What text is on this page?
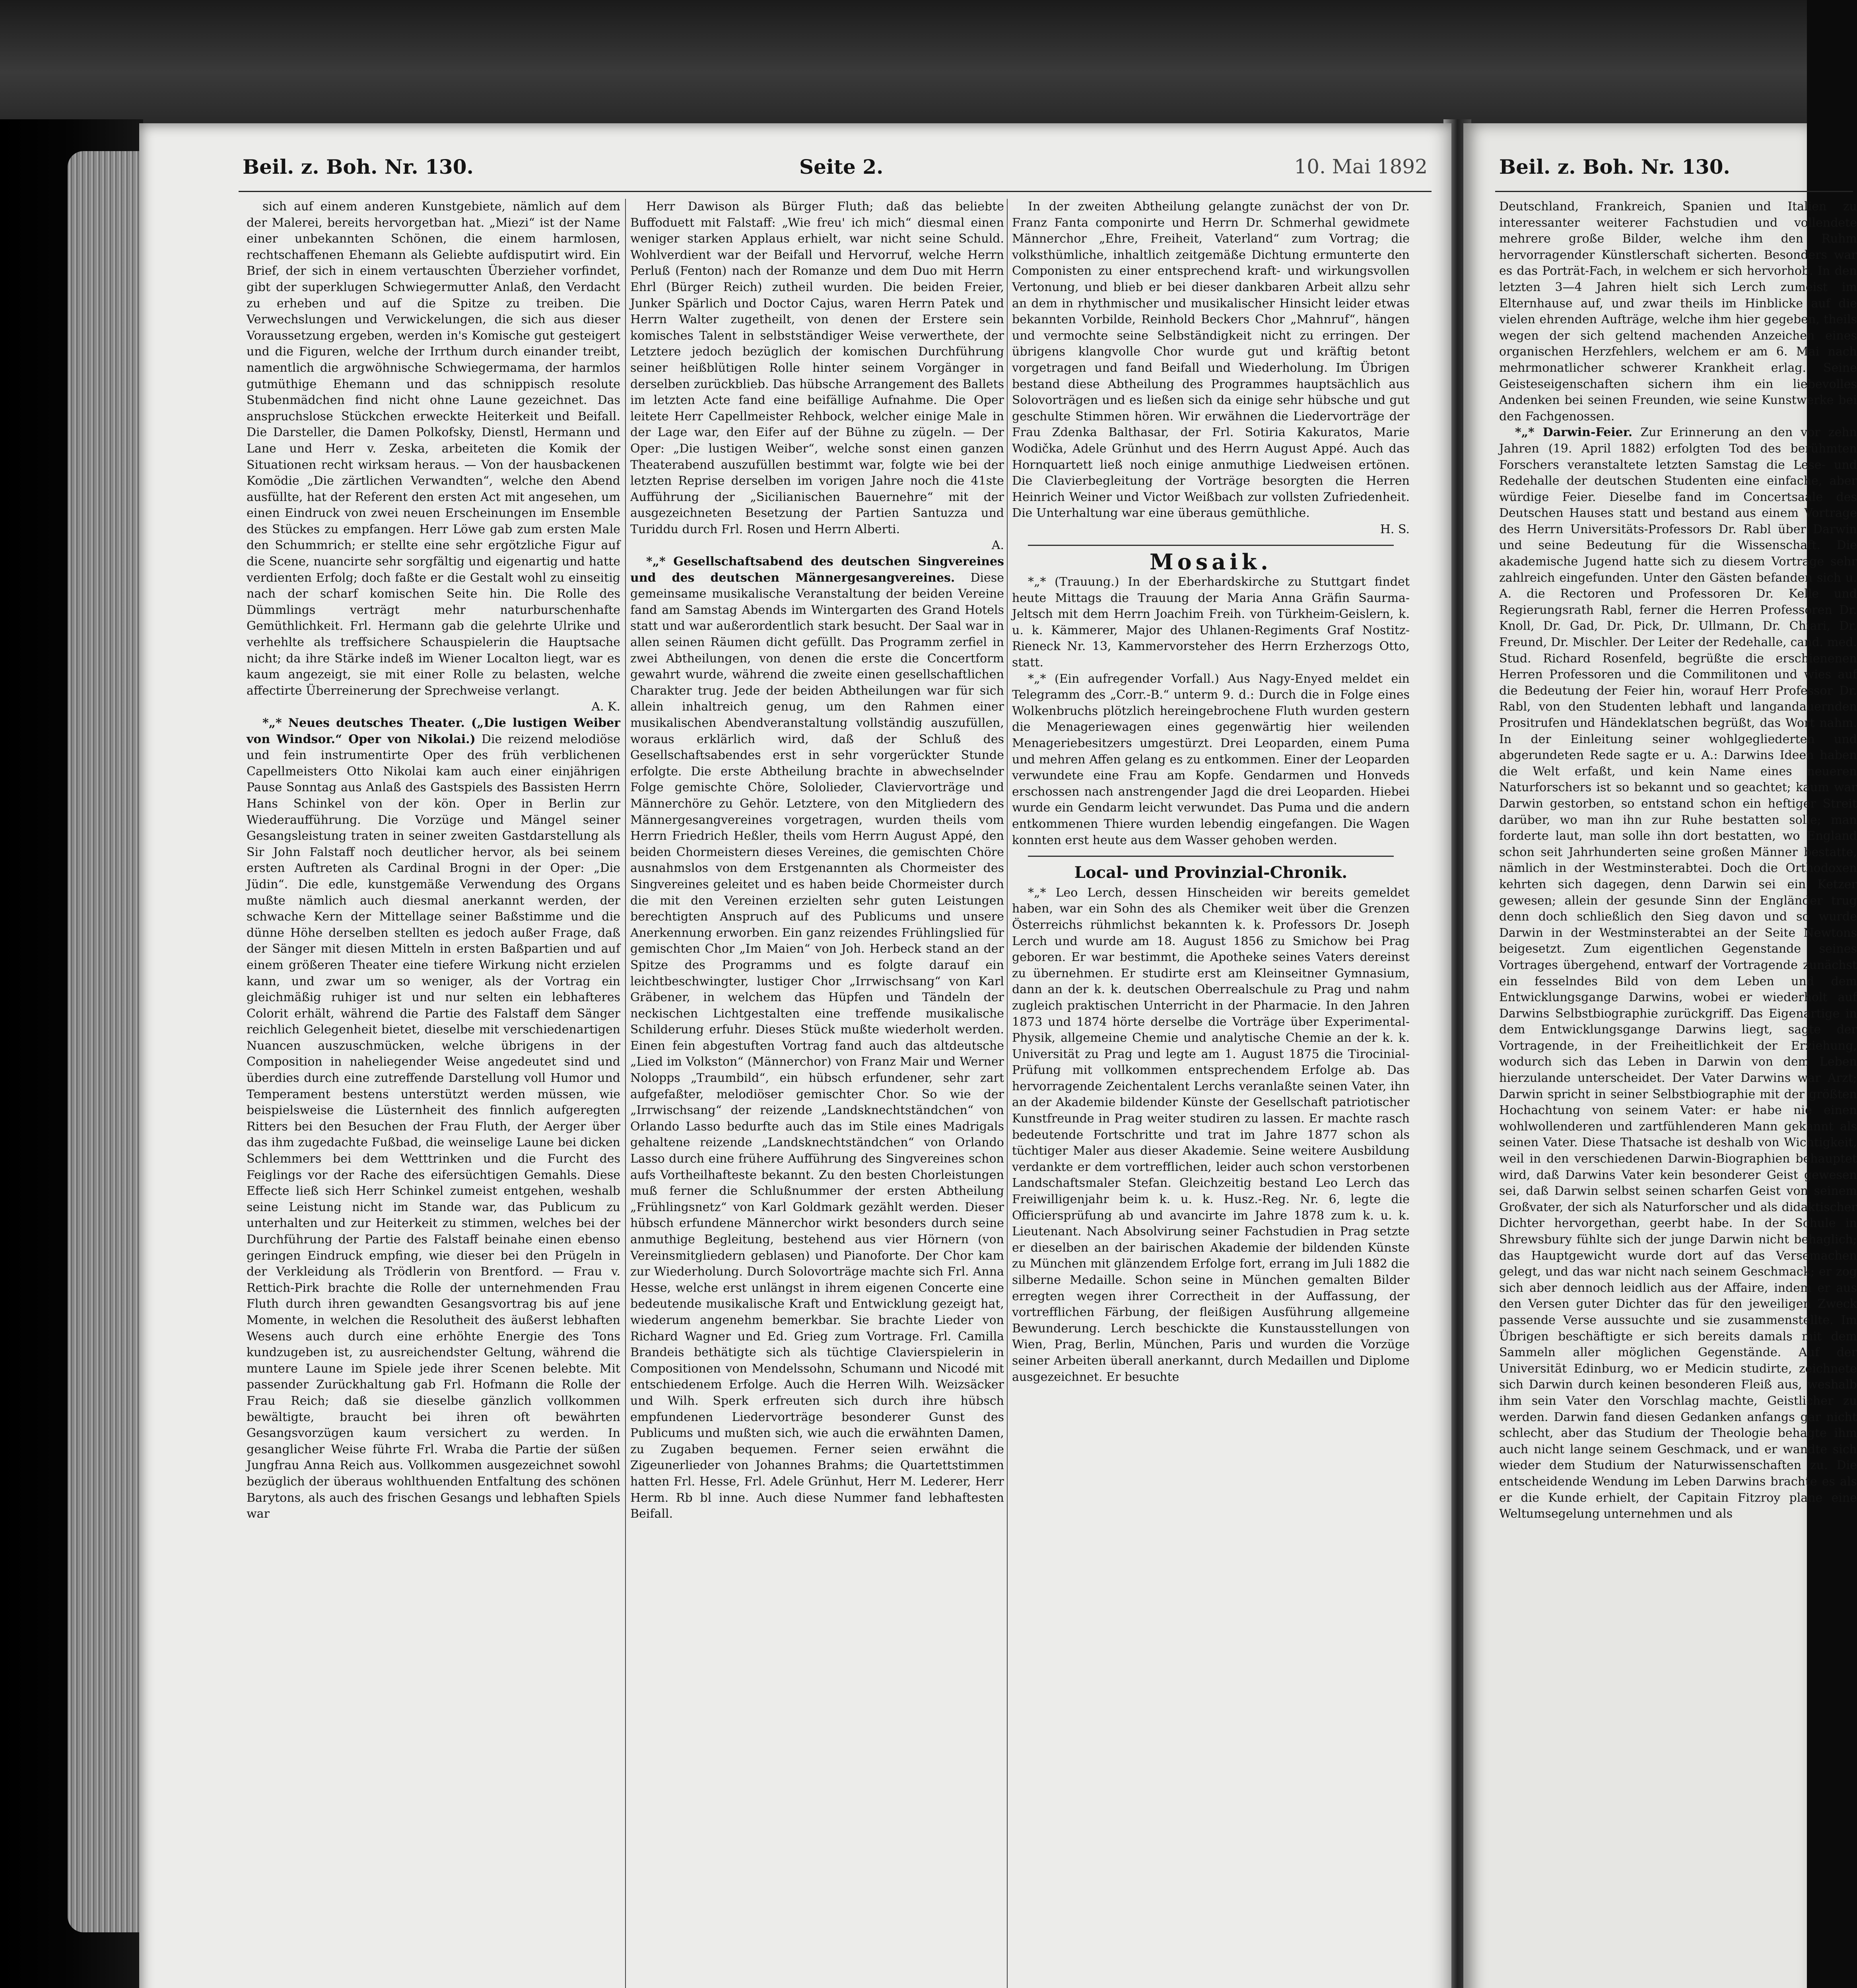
Beil. z. Boh. Nr. 130.	Seite 2.	10. Mai 1892

sich auf einem anderen Kunstgebiete, nämlich auf dem der Malerei, bereits hervorgetban hat. „Miezi“ ist der Name einer unbekannten Schönen, die einem harmlosen, rechtschaffenen Ehemann als Geliebte aufdisputirt wird. Ein Brief, der sich in einem vertauschten Überzieher vorfindet, gibt der superklugen Schwiegermutter Anlaß, den Verdacht zu erheben und auf die Spitze zu treiben. Die Verwechslungen und Verwickelungen, die sich aus dieser Voraussetzung ergeben, werden in's Komische gut gesteigert und die Figuren, welche der Irrthum durch einander treibt, namentlich die argwöhnische Schwiegermama, der harmlos gutmüthige Ehemann und das schnippisch resolute Stubenmädchen find nicht ohne Laune gezeichnet. Das anspruchslose Stückchen erweckte Heiterkeit und Beifall. Die Darsteller, die Damen Polkofsky, Dienstl, Hermann und Lane und Herr v. Zeska, arbeiteten die Komik der Situationen recht wirksam heraus. — Von der hausbackenen Komödie „Die zärtlichen Verwandten“, welche den Abend ausfüllte, hat der Referent den ersten Act mit angesehen, um einen Eindruck von zwei neuen Erscheinungen im Ensemble des Stückes zu empfangen. Herr Löwe gab zum ersten Male den Schummrich; er stellte eine sehr ergötzliche Figur auf die Scene, nuancirte sehr sorgfältig und eigenartig und hatte verdienten Erfolg; doch faßte er die Gestalt wohl zu einseitig nach der scharf komischen Seite hin. Die Rolle des Dümmlings verträgt mehr naturburschenhafte Gemüthlichkeit. Frl. Hermann gab die gelehrte Ulrike und verhehlte als treffsichere Schauspielerin die Hauptsache nicht; da ihre Stärke indeß im Wiener Localton liegt, war es kaum angezeigt, sie mit einer Rolle zu belasten, welche affectirte Überreinerung der Sprechweise verlangt.

A. K.

*„* Neues deutsches Theater. („Die lustigen Weiber von Windsor.“ Oper von Nikolai.) Die reizend melodiöse und fein instrumentirte Oper des früh verblichenen Capellmeisters Otto Nikolai kam auch einer einjährigen Pause Sonntag aus Anlaß des Gastspiels des Bassisten Herrn Hans Schinkel von der kön. Oper in Berlin zur Wiederaufführung. Die Vorzüge und Mängel seiner Gesangsleistung traten in seiner zweiten Gastdarstellung als Sir John Falstaff noch deutlicher hervor, als bei seinem ersten Auftreten als Cardinal Brogni in der Oper: „Die Jüdin“. Die edle, kunstgemäße Verwendung des Organs mußte nämlich auch diesmal anerkannt werden, der schwache Kern der Mittellage seiner Baßstimme und die dünne Höhe derselben stellten es jedoch außer Frage, daß der Sänger mit diesen Mitteln in ersten Baßpartien und auf einem größeren Theater eine tiefere Wirkung nicht erzielen kann, und zwar um so weniger, als der Vortrag ein gleichmäßig ruhiger ist und nur selten ein lebhafteres Colorit erhält, während die Partie des Falstaff dem Sänger reichlich Gelegenheit bietet, dieselbe mit verschiedenartigen Nuancen auszuschmücken, welche übrigens in der Composition in naheliegender Weise angedeutet sind und überdies durch eine zutreffende Darstellung voll Humor und Temperament bestens unterstützt werden müssen, wie beispielsweise die Lüsternheit des finnlich aufgeregten Ritters bei den Besuchen der Frau Fluth, der Aerger über das ihm zugedachte Fußbad, die weinselige Laune bei dicken Schlemmers bei dem Wetttrinken und die Furcht des Feiglings vor der Rache des eifersüchtigen Gemahls. Diese Effecte ließ sich Herr Schinkel zumeist entgehen, weshalb seine Leistung nicht im Stande war, das Publicum zu unterhalten und zur Heiterkeit zu stimmen, welches bei der Durchführung der Partie des Falstaff beinahe einen ebenso geringen Eindruck empfing, wie dieser bei den Prügeln in der Verkleidung als Trödlerin von Brentford. — Frau v. Rettich-Pirk brachte die Rolle der unternehmenden Frau Fluth durch ihren gewandten Gesangsvortrag bis auf jene Momente, in welchen die Resolutheit des äußerst lebhaften Wesens auch durch eine erhöhte Energie des Tons kundzugeben ist, zu ausreichendster Geltung, während die muntere Laune im Spiele jede ihrer Scenen belebte. Mit passender Zurückhaltung gab Frl. Hofmann die Rolle der Frau Reich; daß sie dieselbe gänzlich vollkommen bewältigte, braucht bei ihren oft bewährten Gesangsvorzügen kaum versichert zu werden. In gesanglicher Weise führte Frl. Wraba die Partie der süßen Jungfrau Anna Reich aus. Vollkommen ausgezeichnet sowohl bezüglich der überaus wohlthuenden Entfaltung des schönen Barytons, als auch des frischen Gesangs und lebhaften Spiels war

Herr Dawison als Bürger Fluth; daß das beliebte Buffoduett mit Falstaff: „Wie freu' ich mich“ diesmal einen weniger starken Applaus erhielt, war nicht seine Schuld. Wohlverdient war der Beifall und Hervorruf, welche Herrn Perluß (Fenton) nach der Romanze und dem Duo mit Herrn Ehrl (Bürger Reich) zutheil wurden. Die beiden Freier, Junker Spärlich und Doctor Cajus, waren Herrn Patek und Herrn Walter zugetheilt, von denen der Erstere sein komisches Talent in selbstständiger Weise verwerthete, der Letztere jedoch bezüglich der komischen Durchführung seiner heißblütigen Rolle hinter seinem Vorgänger in derselben zurückblieb. Das hübsche Arrangement des Ballets im letzten Acte fand eine beifällige Aufnahme. Die Oper leitete Herr Capellmeister Rehbock, welcher einige Male in der Lage war, den Eifer auf der Bühne zu zügeln. — Der Oper: „Die lustigen Weiber“, welche sonst einen ganzen Theaterabend auszufüllen bestimmt war, folgte wie bei der letzten Reprise derselben im vorigen Jahre noch die 41ste Aufführung der „Sicilianischen Bauernehre“ mit der ausgezeichneten Besetzung der Partien Santuzza und Turiddu durch Frl. Rosen und Herrn Alberti.

A.

*„* Gesellschaftsabend des deutschen Singvereines und des deutschen Männergesangvereines. Diese gemeinsame musikalische Veranstaltung der beiden Vereine fand am Samstag Abends im Wintergarten des Grand Hotels statt und war außerordentlich stark besucht. Der Saal war in allen seinen Räumen dicht gefüllt. Das Programm zerfiel in zwei Abtheilungen, von denen die erste die Concertform gewahrt wurde, während die zweite einen gesellschaftlichen Charakter trug. Jede der beiden Abtheilungen war für sich allein inhaltreich genug, um den Rahmen einer musikalischen Abendveranstaltung vollständig auszufüllen, woraus erklärlich wird, daß der Schluß des Gesellschaftsabendes erst in sehr vorgerückter Stunde erfolgte. Die erste Abtheilung brachte in abwechselnder Folge gemischte Chöre, Sololieder, Claviervorträge und Männerchöre zu Gehör. Letztere, von den Mitgliedern des Männergesangvereines vorgetragen, wurden theils vom Herrn Friedrich Heßler, theils vom Herrn August Appé, den beiden Chormeistern dieses Vereines, die gemischten Chöre ausnahmslos von dem Erstgenannten als Chormeister des Singvereines geleitet und es haben beide Chormeister durch die mit den Vereinen erzielten sehr guten Leistungen berechtigten Anspruch auf des Publicums und unsere Anerkennung erworben. Ein ganz reizendes Frühlingslied für gemischten Chor „Im Maien“ von Joh. Herbeck stand an der Spitze des Programms und es folgte darauf ein leichtbeschwingter, lustiger Chor „Irrwischsang“ von Karl Gräbener, in welchem das Hüpfen und Tändeln der neckischen Lichtgestalten eine treffende musikalische Schilderung erfuhr. Dieses Stück mußte wiederholt werden. Einen fein abgestuften Vortrag fand auch das altdeutsche „Lied im Volkston“ (Männerchor) von Franz Mair und Werner Nolopps „Traumbild“, ein hübsch erfundener, sehr zart aufgefaßter, melodiöser gemischter Chor. So wie der „Irrwischsang“ der reizende „Landsknechtständchen“ von Orlando Lasso bedurfte auch das im Stile eines Madrigals gehaltene reizende „Landsknechtständchen“ von Orlando Lasso durch eine frühere Aufführung des Singvereines schon aufs Vortheilhafteste bekannt. Zu den besten Chorleistungen muß ferner die Schlußnummer der ersten Abtheilung „Frühlingsnetz“ von Karl Goldmark gezählt werden. Dieser hübsch erfundene Männerchor wirkt besonders durch seine anmuthige Begleitung, bestehend aus vier Hörnern (von Vereinsmitgliedern geblasen) und Pianoforte. Der Chor kam zur Wiederholung. Durch Solovorträge machte sich Frl. Anna Hesse, welche erst unlängst in ihrem eigenen Concerte eine bedeutende musikalische Kraft und Entwicklung gezeigt hat, wiederum angenehm bemerkbar. Sie brachte Lieder von Richard Wagner und Ed. Grieg zum Vortrage. Frl. Camilla Brandeis bethätigte sich als tüchtige Clavierspielerin in Compositionen von Mendelssohn, Schumann und Nicodé mit entschiedenem Erfolge. Auch die Herren Wilh. Weizsäcker und Wilh. Sperk erfreuten sich durch ihre hübsch empfundenen Liedervorträge besonderer Gunst des Publicums und mußten sich, wie auch die erwähnten Damen, zu Zugaben bequemen. Ferner seien erwähnt die Zigeunerlieder von Johannes Brahms; die Quartettstimmen hatten Frl. Hesse, Frl. Adele Grünhut, Herr M. Lederer, Herr Herm. Rb bl inne. Auch diese Nummer fand lebhaftesten Beifall.

In der zweiten Abtheilung gelangte zunächst der von Dr. Franz Fanta componirte und Herrn Dr. Schmerhal gewidmete Männerchor „Ehre, Freiheit, Vaterland“ zum Vortrag; die volksthümliche, inhaltlich zeitgemäße Dichtung ermunterte den Componisten zu einer entsprechend kraft- und wirkungsvollen Vertonung, und blieb er bei dieser dankbaren Arbeit allzu sehr an dem in rhythmischer und musikalischer Hinsicht leider etwas bekannten Vorbilde, Reinhold Beckers Chor „Mahnruf“, hängen und vermochte seine Selbständigkeit nicht zu erringen. Der übrigens klangvolle Chor wurde gut und kräftig betont vorgetragen und fand Beifall und Wiederholung. Im Übrigen bestand diese Abtheilung des Programmes hauptsächlich aus Solovorträgen und es ließen sich da einige sehr hübsche und gut geschulte Stimmen hören. Wir erwähnen die Liedervorträge der Frau Zdenka Balthasar, der Frl. Sotiria Kakuratos, Marie Wodička, Adele Grünhut und des Herrn August Appé. Auch das Hornquartett ließ noch einige anmuthige Liedweisen ertönen. Die Clavierbegleitung der Vorträge besorgten die Herren Heinrich Weiner und Victor Weißbach zur vollsten Zufriedenheit. Die Unterhaltung war eine überaus gemüthliche.

H. S.
Mosaik.

*„* (Trauung.) In der Eberhardskirche zu Stuttgart findet heute Mittags die Trauung der Maria Anna Gräfin Saurma-Jeltsch mit dem Herrn Joachim Freih. von Türkheim-Geislern, k. u. k. Kämmerer, Major des Uhlanen-Regiments Graf Nostitz-Rieneck Nr. 13, Kammervorsteher des Herrn Erzherzogs Otto, statt.

*„* (Ein aufregender Vorfall.) Aus Nagy-Enyed meldet ein Telegramm des „Corr.-B.“ unterm 9. d.: Durch die in Folge eines Wolkenbruchs plötzlich hereingebrochene Fluth wurden gestern die Menageriewagen eines gegenwärtig hier weilenden Menageriebesitzers umgestürzt. Drei Leoparden, einem Puma und mehren Affen gelang es zu entkommen. Einer der Leoparden verwundete eine Frau am Kopfe. Gendarmen und Honveds erschossen nach anstrengender Jagd die drei Leoparden. Hiebei wurde ein Gendarm leicht verwundet. Das Puma und die andern entkommenen Thiere wurden lebendig eingefangen. Die Wagen konnten erst heute aus dem Wasser gehoben werden.

Local- und Provinzial-Chronik.

*„* Leo Lerch, dessen Hinscheiden wir bereits gemeldet haben, war ein Sohn des als Chemiker weit über die Grenzen Österreichs rühmlichst bekannten k. k. Professors Dr. Joseph Lerch und wurde am 18. August 1856 zu Smichow bei Prag geboren. Er war bestimmt, die Apotheke seines Vaters dereinst zu übernehmen. Er studirte erst am Kleinseitner Gymnasium, dann an der k. k. deutschen Oberrealschule zu Prag und nahm zugleich praktischen Unterricht in der Pharmacie. In den Jahren 1873 und 1874 hörte derselbe die Vorträge über Experimental-Physik, allgemeine Chemie und analytische Chemie an der k. k. Universität zu Prag und legte am 1. August 1875 die Tirocinial-Prüfung mit vollkommen entsprechendem Erfolge ab. Das hervorragende Zeichentalent Lerchs veranlaßte seinen Vater, ihn an der Akademie bildender Künste der Gesellschaft patriotischer Kunstfreunde in Prag weiter studiren zu lassen. Er machte rasch bedeutende Fortschritte und trat im Jahre 1877 schon als tüchtiger Maler aus dieser Akademie. Seine weitere Ausbildung verdankte er dem vortrefflichen, leider auch schon verstorbenen Landschaftsmaler Stefan. Gleichzeitig bestand Leo Lerch das Freiwilligenjahr beim k. u. k. Husz.-Reg. Nr. 6, legte die Officiersprüfung ab und avancirte im Jahre 1878 zum k. u. k. Lieutenant. Nach Absolvirung seiner Fachstudien in Prag setzte er dieselben an der bairischen Akademie der bildenden Künste zu München mit glänzendem Erfolge fort, errang im Juli 1882 die silberne Medaille. Schon seine in München gemalten Bilder erregten wegen ihrer Correctheit in der Auffassung, der vortrefflichen Färbung, der fleißigen Ausführung allgemeine Bewunderung. Lerch beschickte die Kunstausstellungen von Wien, Prag, Berlin, München, Paris und wurden die Vorzüge seiner Arbeiten überall anerkannt, durch Medaillen und Diplome ausgezeichnet. Er besuchte

Beil. z. Boh. Nr. 130.

Deutschland, Frankreich, Spanien und Italien zu interessanter weiterer Fachstudien und vollendete mehrere große Bilder, welche ihm den Ruhm hervorragender Künstlerschaft sicherten. Besonders war es das Porträt-Fach, in welchem er sich hervorhob. In den letzten 3—4 Jahren hielt sich Lerch zumeist im Elternhause auf, und zwar theils im Hinblicke auf die vielen ehrenden Aufträge, welche ihm hier gegeben, theils wegen der sich geltend machenden Anzeichen eines organischen Herzfehlers, welchem er am 6. Mai nach mehrmonatlicher schwerer Krankheit erlag. Seine Geisteseigenschaften sichern ihm ein liebevolles Andenken bei seinen Freunden, wie seine Kunstwerke bei den Fachgenossen.

*„* Darwin-Feier. Zur Erinnerung an den vor zehn Jahren (19. April 1882) erfolgten Tod des berühmten Forschers veranstaltete letzten Samstag die Lese- und Redehalle der deutschen Studenten eine einfache, aber würdige Feier. Dieselbe fand im Concertsaale des Deutschen Hauses statt und bestand aus einem Vortrage des Herrn Universitäts-Professors Dr. Rabl über Darwin und seine Bedeutung für die Wissenschaft. Die akademische Jugend hatte sich zu diesem Vortrage sehr zahlreich eingefunden. Unter den Gästen befanden sich u. A. die Rectoren und Professoren Dr. Kelle und Regierungsrath Rabl, ferner die Herren Professoren Dr. Knoll, Dr. Gad, Dr. Pick, Dr. Ullmann, Dr. Chiari, Dr. Freund, Dr. Mischler. Der Leiter der Redehalle, cand. med. Stud. Richard Rosenfeld, begrüßte die erschienenen Herren Professoren und die Commilitonen und wies auf die Bedeutung der Feier hin, worauf Herr Professor Dr. Rabl, von den Studenten lebhaft und langandauernden Prositrufen und Händeklatschen begrüßt, das Wort nahm. In der Einleitung seiner wohlgegliederten und abgerundeten Rede sagte er u. A.: Darwins Ideen haben die Welt erfaßt, und kein Name eines neueren Naturforschers ist so bekannt und so geachtet; kaum war Darwin gestorben, so entstand schon ein heftiger Streit darüber, wo man ihn zur Ruhe bestatten solle; man forderte laut, man solle ihn dort bestatten, wo England schon seit Jahrhunderten seine großen Männer bestatte, nämlich in der Westminsterabtei. Doch die Orthodoxen kehrten sich dagegen, denn Darwin sei ein Ketzer gewesen; allein der gesunde Sinn der Engländer trug denn doch schließlich den Sieg davon und so wurde Darwin in der Westminsterabtei an der Seite Newtons beigesetzt. Zum eigentlichen Gegenstande seines Vortrages übergehend, entwarf der Vortragende zunächst ein fesselndes Bild von dem Leben und dem Entwicklungsgange Darwins, wobei er wiederholt auf Darwins Selbstbiographie zurückgriff. Das Eigenartige in dem Entwicklungsgange Darwins liegt, sagte der Vortragende, in der Freiheitlichkeit der Erziehung, wodurch sich das Leben in Darwin von dem Leben hierzulande unterscheidet. Der Vater Darwins war Arzt; Darwin spricht in seiner Selbstbiographie mit der größten Hochachtung von seinem Vater: er habe nie einen wohlwollenderen und zartfühlenderen Mann gekannt als seinen Vater. Diese Thatsache ist deshalb von Wichtigkeit, weil in den verschiedenen Darwin-Biographien behauptet wird, daß Darwins Vater kein besonderer Geist gewesen sei, daß Darwin selbst seinen scharfen Geist von seinem Großvater, der sich als Naturforscher und als didaktischer Dichter hervorgethan, geerbt habe. In der Schule in Shrewsbury fühlte sich der junge Darwin nicht behaglich; das Hauptgewicht wurde dort auf das Versemachen gelegt, und das war nicht nach seinem Geschmack; er zog sich aber dennoch leidlich aus der Affaire, indem er aus den Versen guter Dichter das für den jeweiligen Zweck passende Verse aussuchte und sie zusammenstellte. Im Übrigen beschäftigte er sich bereits damals mit dem Sammeln aller möglichen Gegenstände. Auf der Universität Edinburg, wo er Medicin studirte, zeichnete sich Darwin durch keinen besonderen Fleiß aus, weshalb ihm sein Vater den Vorschlag machte, Geistlicher zu werden. Darwin fand diesen Gedanken anfangs gar nicht schlecht, aber das Studium der Theologie behagte ihm auch nicht lange seinem Geschmack, und er wandte sich wieder dem Studium der Naturwissenschaften zu. Die entscheidende Wendung im Leben Darwins brachte es als er die Kunde erhielt, der Capitain Fitzroy plane eine Weltumsegelung unternehmen und als
